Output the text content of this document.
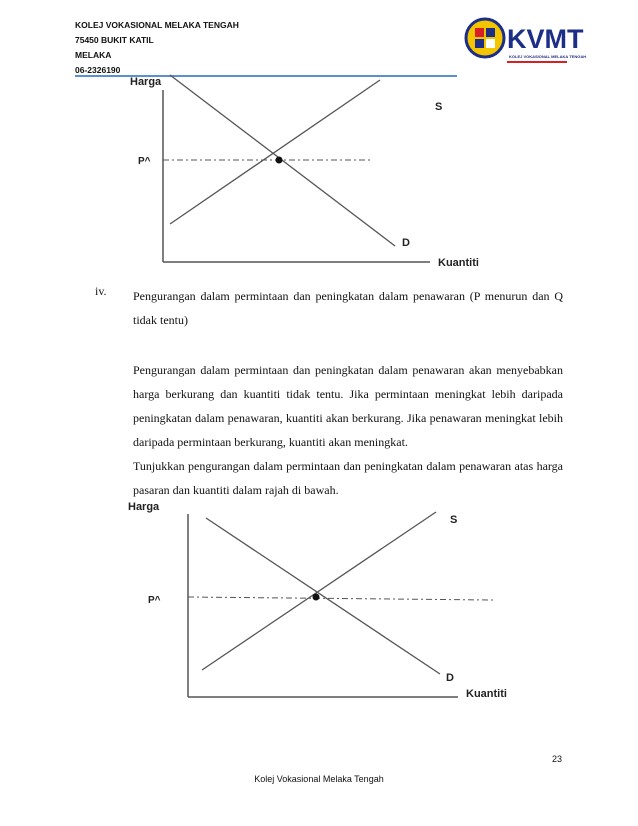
KOLEJ VOKASIONAL MELAKA TENGAH
75450 BUKIT KATIL
MELAKA
06-2326190
KVMT
KOLEJ VOKASIONAL MELAKA TENGAH
Harga
P^
S
D
Kuantiti
iv. Pengurangan dalam permintaan dan peningkatan dalam penawaran (P menurun dan Q tidak tentu)
Pengurangan dalam permintaan dan peningkatan dalam penawaran akan menyebabkan harga berkurang dan kuantiti tidak tentu. Jika permintaan meningkat lebih daripada peningkatan dalam penawaran, kuantiti akan berkurang. Jika penawaran meningkat lebih daripada permintaan berkurang, kuantiti akan meningkat.
Tunjukkan pengurangan dalam permintaan dan peningkatan dalam penawaran atas harga pasaran dan kuantiti dalam rajah di bawah.
Harga
P^
S
D
Kuantiti
23
Kolej Vokasional Melaka Tengah
